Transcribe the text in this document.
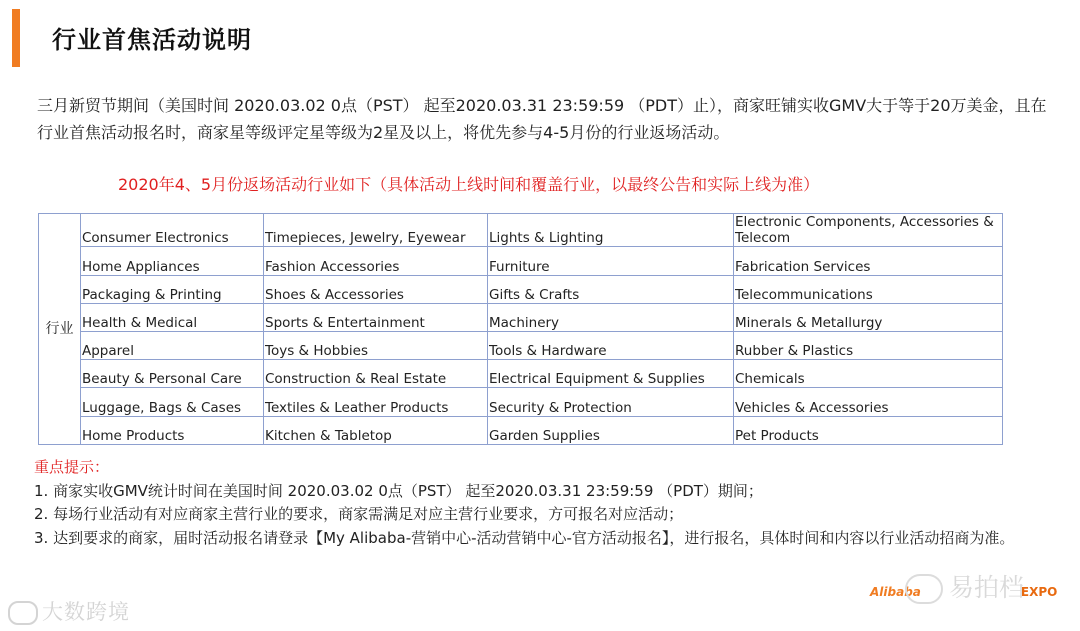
行业首焦活动说明
三月新贸节期间（美国时间 2020.03.02 0点（PST） 起至2020.03.31 23:59:59 （PDT）止），商家旺铺实收GMV大于等于20万美金，且在行业首焦活动报名时，商家星等级评定星等级为2星及以上，将优先参与4-5月份的行业返场活动。
2020年4、5月份返场活动行业如下（具体活动上线时间和覆盖行业，以最终公告和实际上线为准）
行业	Consumer Electronics	Timepieces, Jewelry, Eyewear	Lights & Lighting	Electronic Components, Accessories & Telecom
	Home Appliances	Fashion Accessories	Furniture	Fabrication Services
	Packaging & Printing	Shoes & Accessories	Gifts & Crafts	Telecommunications
	Health & Medical	Sports & Entertainment	Machinery	Minerals & Metallurgy
	Apparel	Toys & Hobbies	Tools & Hardware	Rubber & Plastics
	Beauty & Personal Care	Construction & Real Estate	Electrical Equipment & Supplies	Chemicals
	Luggage, Bags & Cases	Textiles & Leather Products	Security & Protection	Vehicles & Accessories
	Home Products	Kitchen & Tabletop	Garden Supplies	Pet Products
重点提示：
1. 商家实收GMV统计时间在美国时间 2020.03.02 0点（PST） 起至2020.03.31 23:59:59 （PDT）期间；
2. 每场行业活动有对应商家主营行业的要求，商家需满足对应主营行业要求，方可报名对应活动；
3. 达到要求的商家，届时活动报名请登录【My Alibaba-营销中心-活动营销中心-官方活动报名】，进行报名，具体时间和内容以行业活动招商为准。
大数跨境
Alibaba	EXPO
易拍档
